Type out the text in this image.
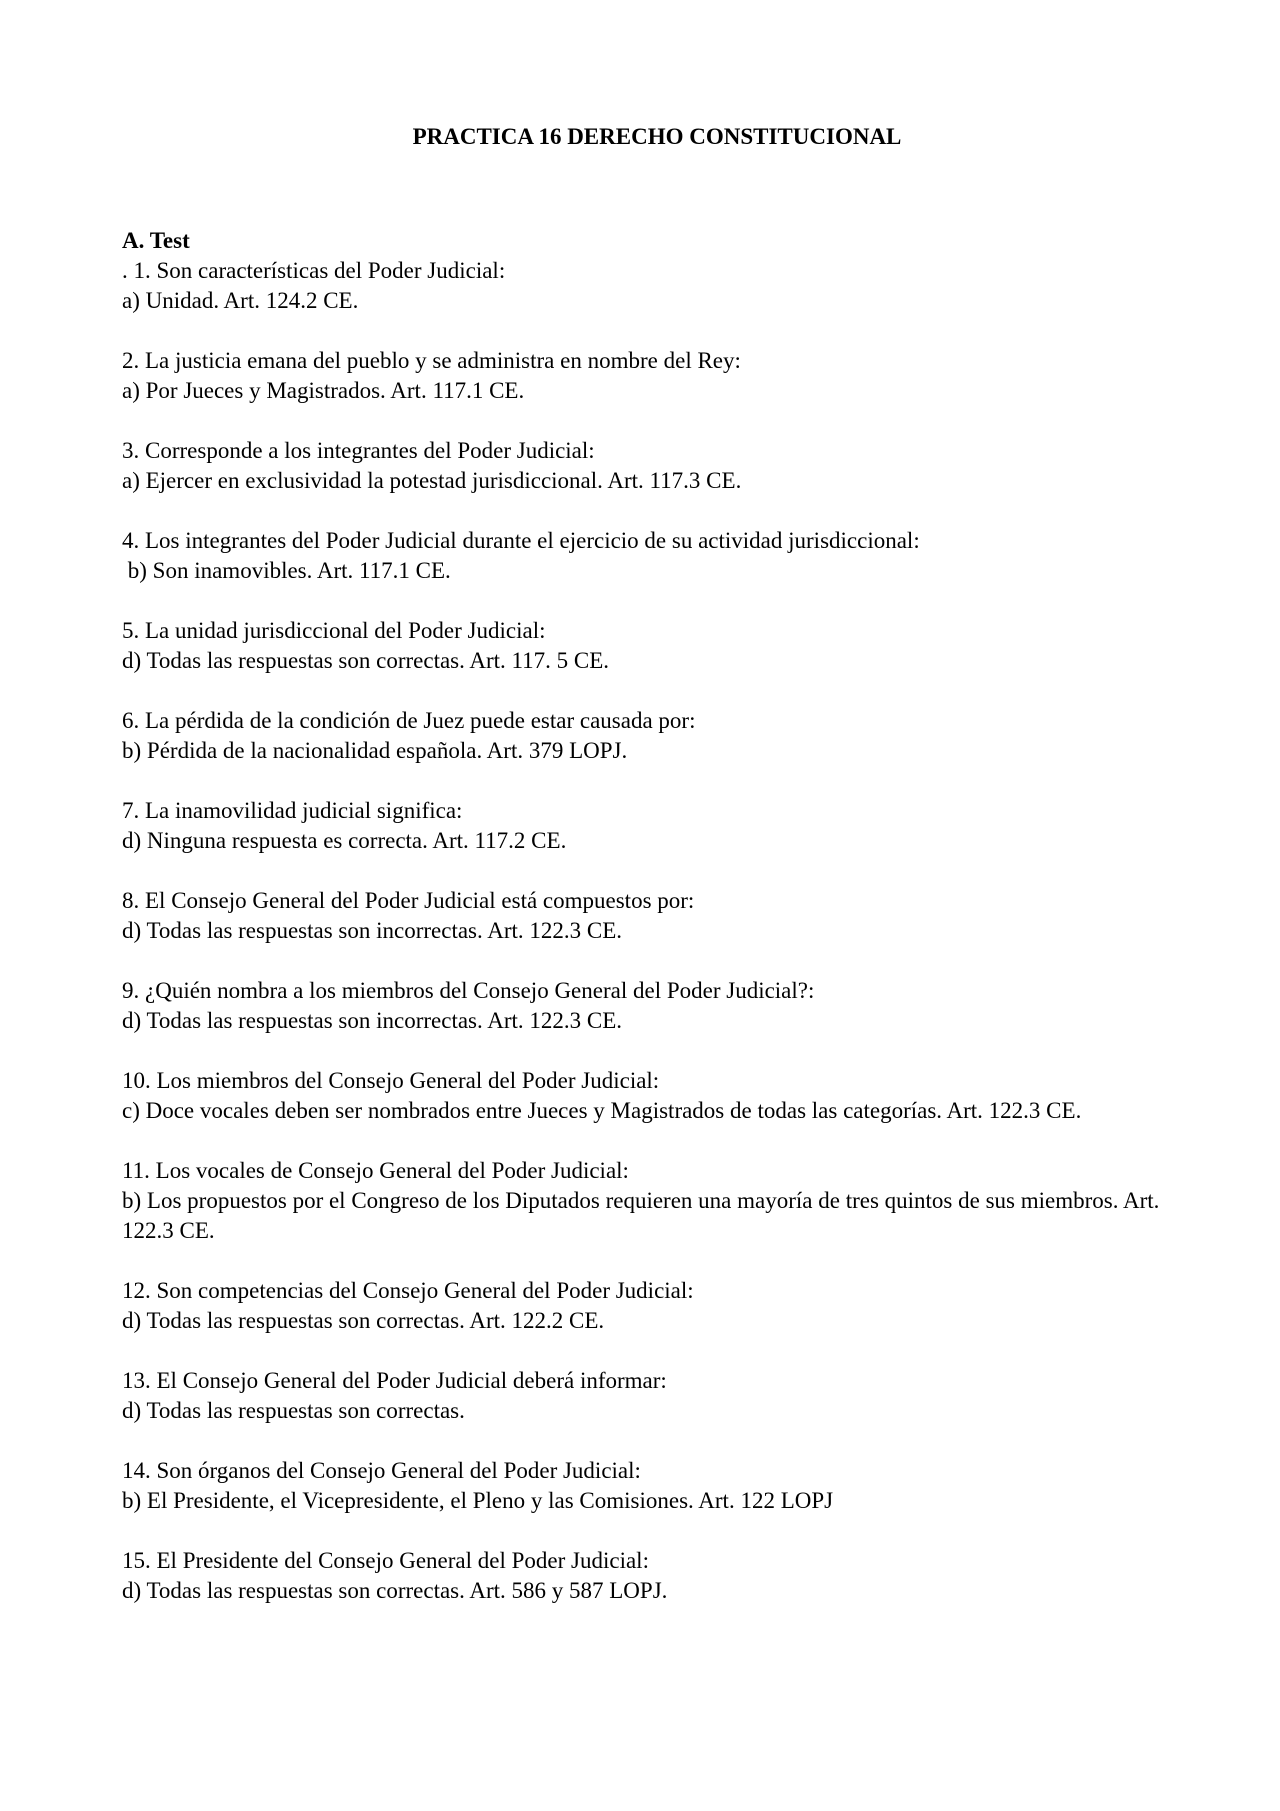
PRACTICA 16 DERECHO CONSTITUCIONAL
A. Test
. 1. Son características del Poder Judicial:
a) Unidad. Art. 124.2 CE.
2. La justicia emana del pueblo y se administra en nombre del Rey:
a) Por Jueces y Magistrados. Art. 117.1 CE.
3. Corresponde a los integrantes del Poder Judicial:
a) Ejercer en exclusividad la potestad jurisdiccional. Art. 117.3 CE.
4. Los integrantes del Poder Judicial durante el ejercicio de su actividad jurisdiccional:
b) Son inamovibles. Art. 117.1 CE.
5. La unidad jurisdiccional del Poder Judicial:
d) Todas las respuestas son correctas. Art. 117. 5 CE.
6. La pérdida de la condición de Juez puede estar causada por:
b) Pérdida de la nacionalidad española. Art. 379 LOPJ.
7. La inamovilidad judicial significa:
d) Ninguna respuesta es correcta. Art. 117.2 CE.
8. El Consejo General del Poder Judicial está compuestos por:
d) Todas las respuestas son incorrectas. Art. 122.3 CE.
9. ¿Quién nombra a los miembros del Consejo General del Poder Judicial?:
d) Todas las respuestas son incorrectas. Art. 122.3 CE.
10. Los miembros del Consejo General del Poder Judicial:
c) Doce vocales deben ser nombrados entre Jueces y Magistrados de todas las categorías. Art. 122.3 CE.
11. Los vocales de Consejo General del Poder Judicial:
b) Los propuestos por el Congreso de los Diputados requieren una mayoría de tres quintos de sus miembros. Art. 122.3 CE.
12. Son competencias del Consejo General del Poder Judicial:
d) Todas las respuestas son correctas. Art. 122.2 CE.
13. El Consejo General del Poder Judicial deberá informar:
d) Todas las respuestas son correctas.
14. Son órganos del Consejo General del Poder Judicial:
b) El Presidente, el Vicepresidente, el Pleno y las Comisiones. Art. 122 LOPJ
15. El Presidente del Consejo General del Poder Judicial:
d) Todas las respuestas son correctas. Art. 586 y 587 LOPJ.
